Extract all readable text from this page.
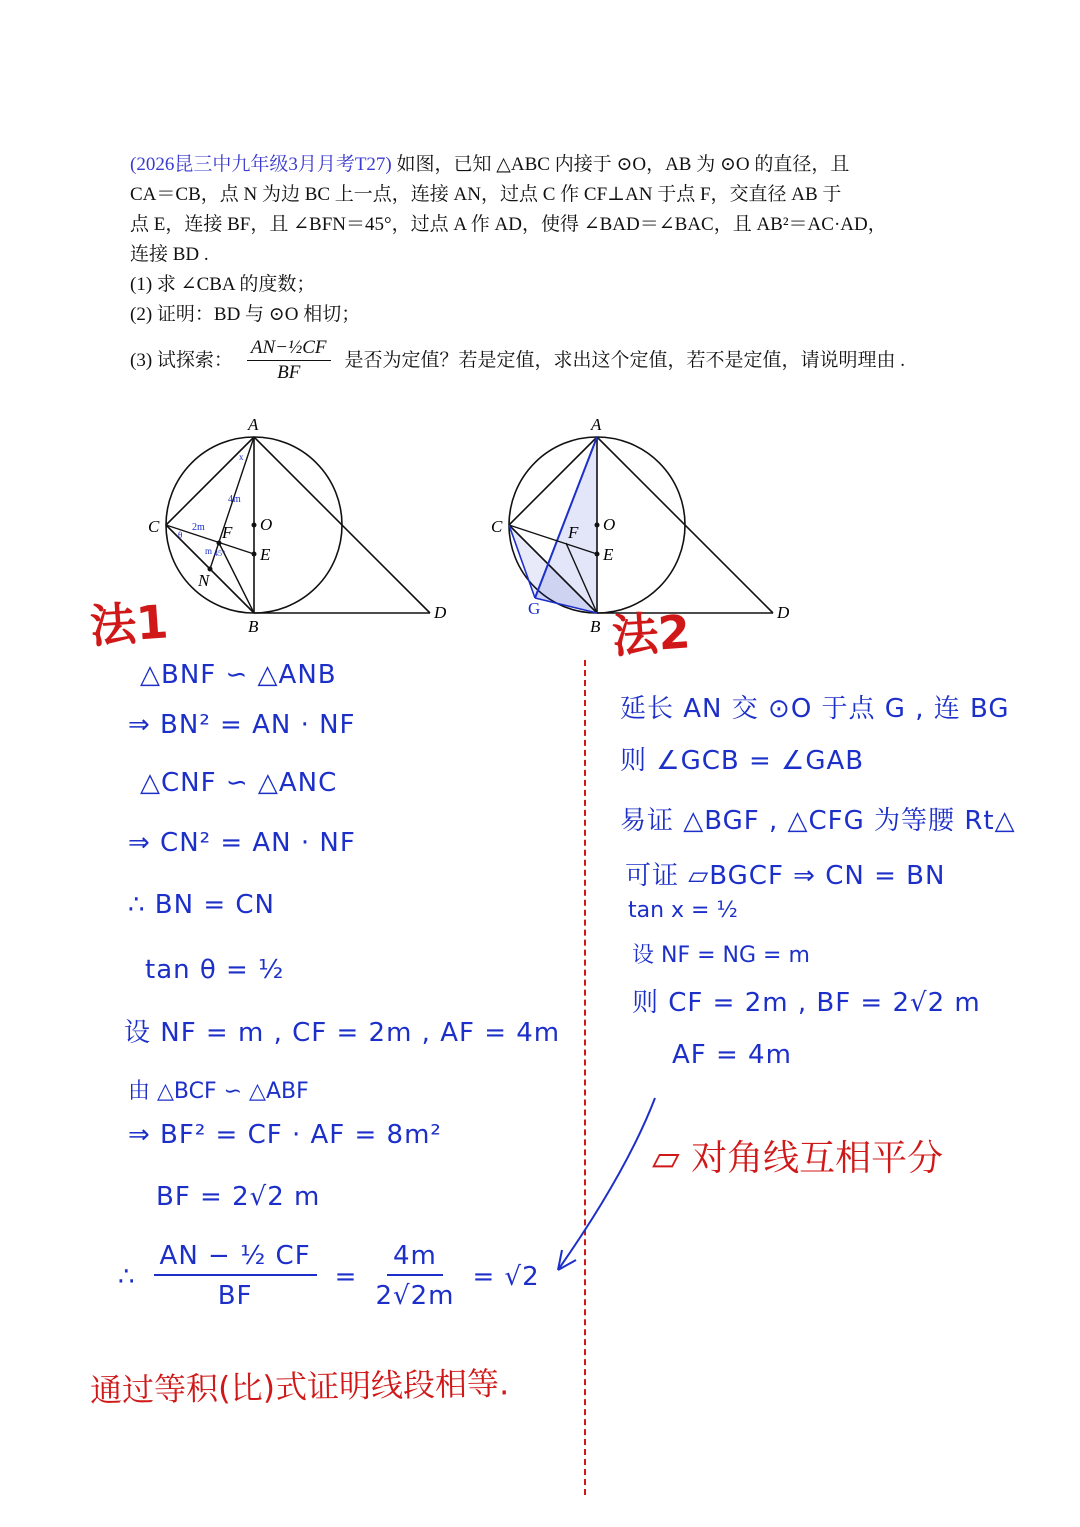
(2026昆三中九年级3月月考T27) 如图，已知 △ABC 内接于 ⊙O，AB 为 ⊙O 的直径，且
CA＝CB，点 N 为边 BC 上一点，连接 AN，过点 C 作 CF⊥AN 于点 F，交直径 AB 于
点 E，连接 BF，且 ∠BFN＝45°，过点 A 作 AD，使得 ∠BAD＝∠BAC，且 AB²＝AC·AD，
连接 BD .
(1) 求 ∠CBA 的度数；
(2) 证明：BD 与 ⊙O 相切；
(3) 试探索： $\frac{\text{AN−½CF}}{BF}$ 是否为定值？若是定值，求出这个定值，若不是定值，请说明理由 .
A
B
C	O
E
F
N
D
x
4m
2m
θ
m 45°
A
B
C	O
E
F
G	D
法1	法2
△BNF ∽ △ANB
⇒ BN² = AN · NF
△CNF ∽ △ANC
⇒ CN² = AN · NF
∴ BN = CN
tan θ = ½
设 NF = m , CF = 2m , AF = 4m
由 △BCF ∽ △ABF
⇒ BF² = CF · AF = 8m²
BF = 2√2 m
∴ $\frac{\text{AN − ½ CF}}{BF} = \frac{4m}{2√2m} = √2$
通过等积(比)式证明线段相等.
延长 AN 交 ⊙O 于点 G , 连 BG
则 ∠GCB = ∠GAB
易证 △BGF , △CFG 为等腰 Rt△
可证 ▱BGCF ⇒ CN = BN
tan x = ½
设 NF = NG = m
则 CF = 2m , BF = 2√2 m
AF = 4m
▱ 对角线互相平分
